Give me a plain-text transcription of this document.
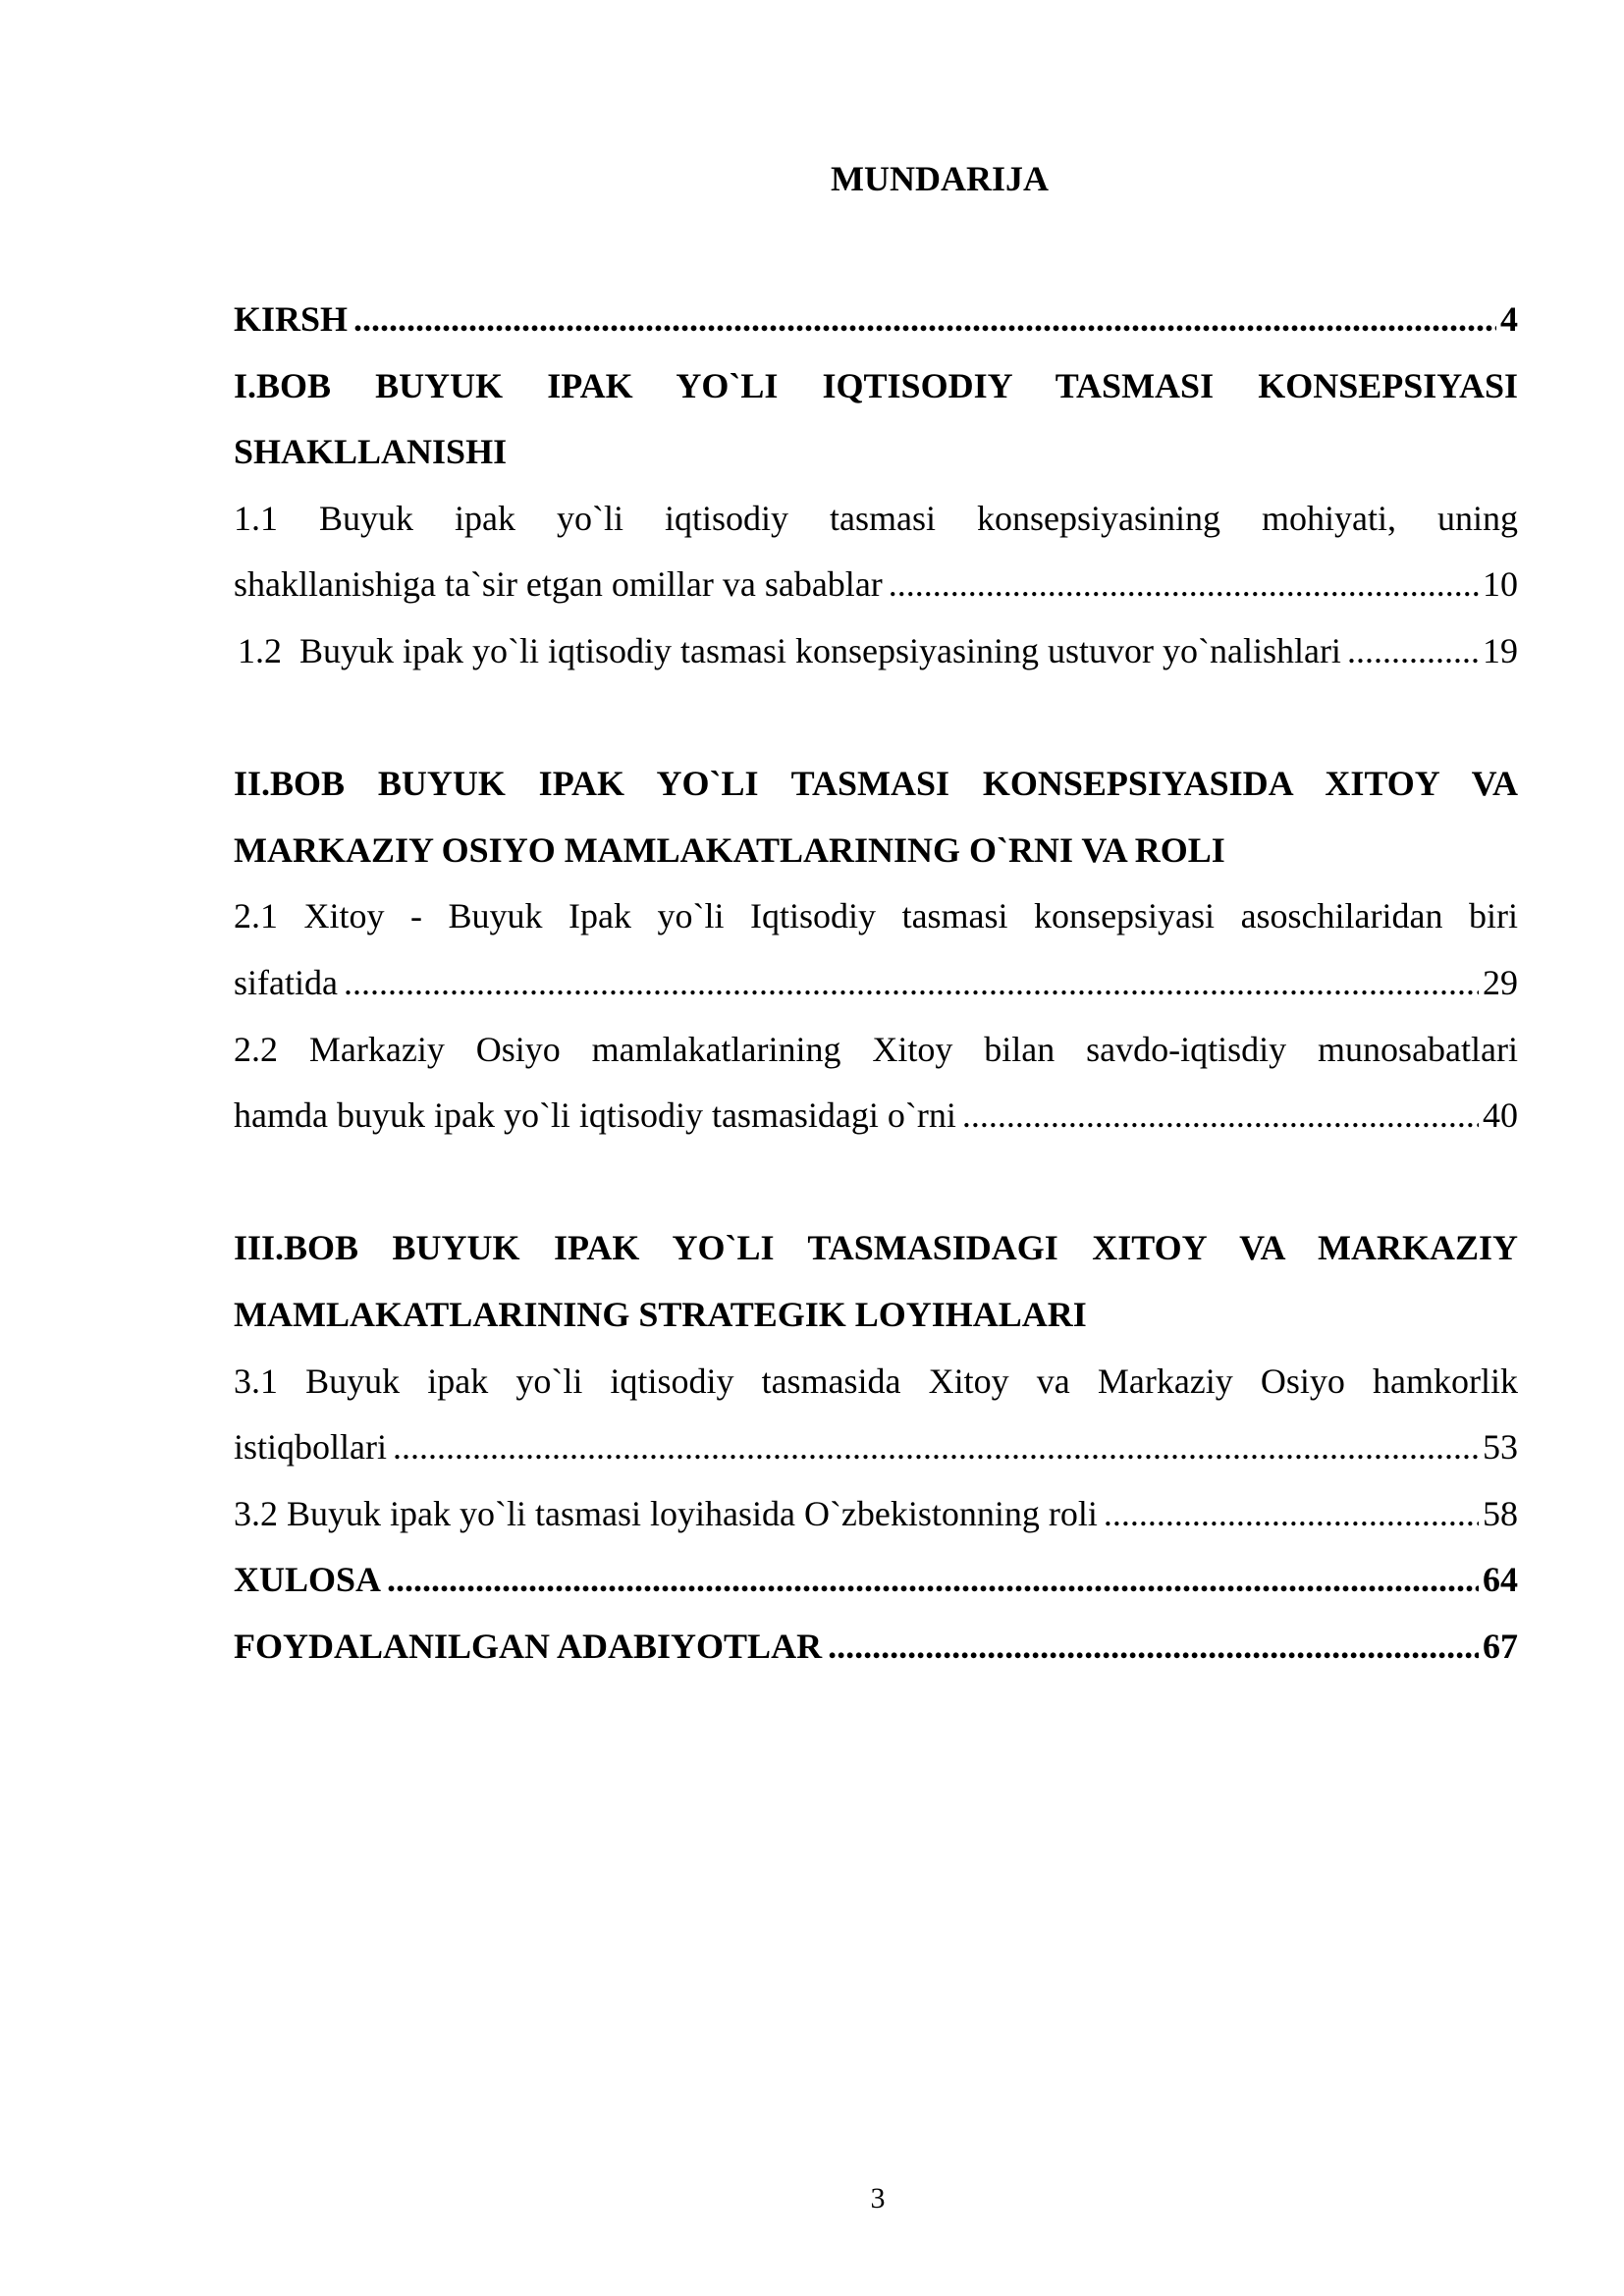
MUNDARIJA
KIRSH .....	4
I.BOB BUYUK IPAK YO`LI IQTISODIY TASMASI KONSEPSIYASI
SHAKLLANISHI
1.1 Buyuk ipak yo`li iqtisodiy tasmasi konsepsiyasining mohiyati, uning
shakllanishiga ta`sir etgan omillar va sabablar .....	10
1.2  Buyuk ipak yo`li iqtisodiy tasmasi konsepsiyasining ustuvor yo`nalishlari .....	19
II.BOB BUYUK IPAK YO`LI TASMASI KONSEPSIYASIDA XITOY VA
MARKAZIY OSIYO MAMLAKATLARINING O`RNI VA ROLI
2.1 Xitoy - Buyuk Ipak yo`li Iqtisodiy tasmasi konsepsiyasi asoschilaridan biri
sifatida .....	29
2.2 Markaziy Osiyo mamlakatlarining Xitoy bilan savdo-iqtisdiy munosabatlari
hamda buyuk ipak yo`li iqtisodiy tasmasidagi o`rni .....	40
III.BOB BUYUK IPAK YO`LI TASMASIDAGI XITOY VA MARKAZIY
MAMLAKATLARINING STRATEGIK LOYIHALARI
3.1 Buyuk ipak yo`li iqtisodiy tasmasida Xitoy va Markaziy Osiyo hamkorlik
istiqbollari .....	53
3.2 Buyuk ipak yo`li tasmasi loyihasida O`zbekistonning roli .....	58
XULOSA .....	64
FOYDALANILGAN ADABIYOTLAR .....	67
3
